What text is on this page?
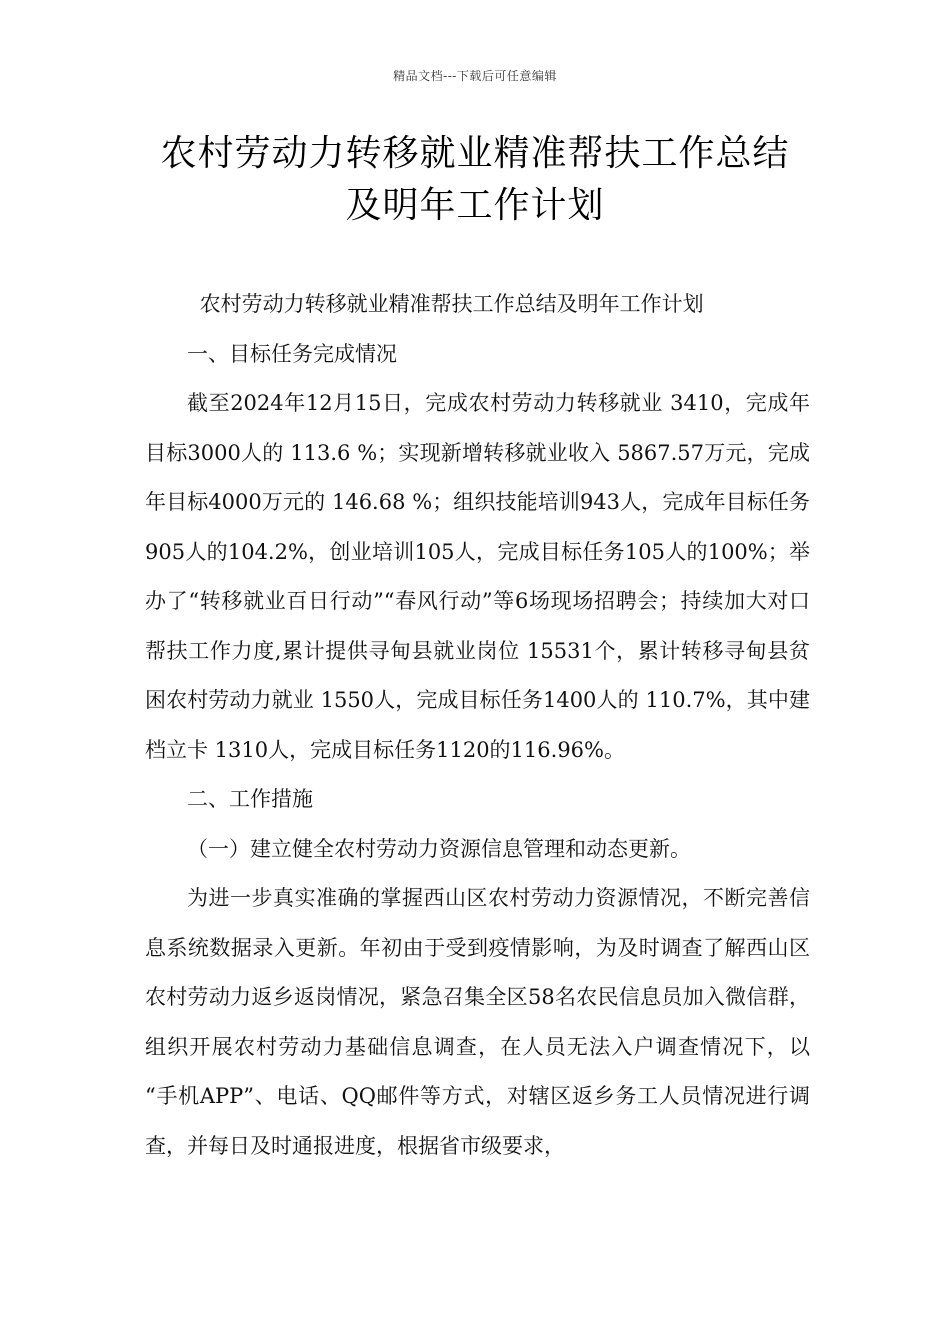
精品文档---下载后可任意编辑
农村劳动力转移就业精准帮扶工作总结
及明年工作计划

农村劳动力转移就业精准帮扶工作总结及明年工作计划

一、目标任务完成情况

截至2024年12月15日，完成农村劳动力转移就业 3410，完成年目标3000人的 113.6 %；实现新增转移就业收入 5867.57万元，完成年目标4000万元的 146.68 %；组织技能培训943人，完成年目标任务905人的104.2%，创业培训105人，完成目标任务105人的100%；举办了“转移就业百日行动”“春风行动”等6场现场招聘会；持续加大对口帮扶工作力度,累计提供寻甸县就业岗位 15531个，累计转移寻甸县贫困农村劳动力就业 1550人，完成目标任务1400人的 110.7%，其中建档立卡 1310人，完成目标任务1120的116.96%。

二、工作措施

（一）建立健全农村劳动力资源信息管理和动态更新。

为进一步真实准确的掌握西山区农村劳动力资源情况，不断完善信息系统数据录入更新。年初由于受到疫情影响，为及时调查了解西山区农村劳动力返乡返岗情况，紧急召集全区58名农民信息员加入微信群，组织开展农村劳动力基础信息调查，在人员无法入户调查情况下，以 “手机APP”、电话、QQ邮件等方式，对辖区返乡务工人员情况进行调查，并每日及时通报进度，根据省市级要求，
